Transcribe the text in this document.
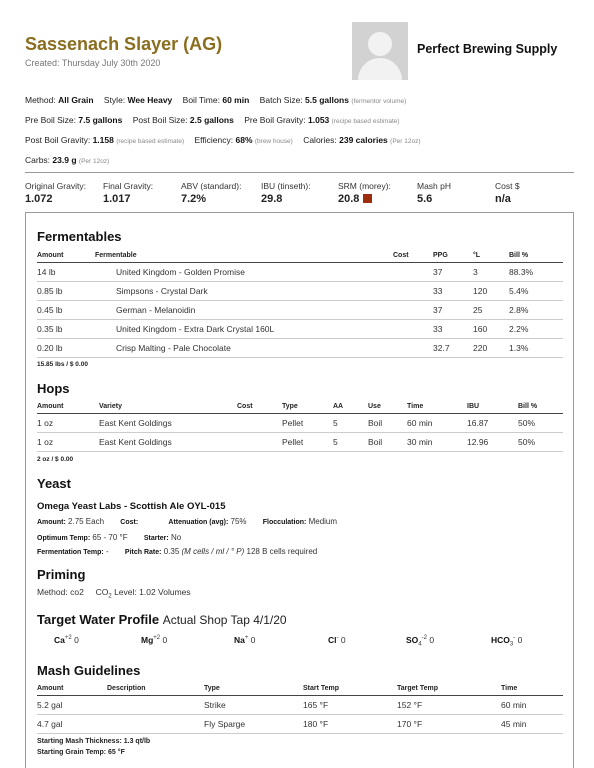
Sassenach Slayer (AG)
Created: Thursday July 30th 2020
Perfect Brewing Supply
Method: All Grain Style: Wee Heavy Boil Time: 60 min Batch Size: 5.5 gallons (fermentor volume)
Pre Boil Size: 7.5 gallons Post Boil Size: 2.5 gallons Pre Boil Gravity: 1.053 (recipe based estimate)
Post Boil Gravity: 1.158 (recipe based estimate) Efficiency: 68% (brew house) Calories: 239 calories (Per 12oz)
Carbs: 23.9 g (Per 12oz)
Original Gravity:
1.072
Final Gravity:
1.017
ABV (standard):
7.2%
IBU (tinseth):
29.8
SRM (morey):
20.8
Mash pH
5.6
Cost $
n/a
Fermentables
Amount	Fermentable	Cost	PPG	°L	Bill %
14 lb	United Kingdom - Golden Promise		37	3	88.3%
0.85 lb	Simpsons - Crystal Dark		33	120	5.4%
0.45 lb	German - Melanoidin		37	25	2.8%
0.35 lb	United Kingdom - Extra Dark Crystal 160L		33	160	2.2%
0.20 lb	Crisp Malting - Pale Chocolate		32.7	220	1.3%
15.85 lbs / $ 0.00
Hops
Amount	Variety	Cost	Type	AA	Use	Time	IBU	Bill %
1 oz	East Kent Goldings		Pellet	5	Boil	60 min	16.87	50%
1 oz	East Kent Goldings		Pellet	5	Boil	30 min	12.96	50%
2 oz / $ 0.00
Yeast
Omega Yeast Labs - Scottish Ale OYL-015
Amount: 2.75 Each Cost:	Attenuation (avg): 75% Flocculation: Medium
Optimum Temp: 65 - 70 °F Starter: No
Fermentation Temp: - Pitch Rate: 0.35 (M cells / ml / ° P) 128 B cells required
Priming
Method: co2 $CO_2$ Level: 1.02 Volumes
Target Water Profile Actual Shop Tap 4/1/20
$Ca^{+2}$ 0	$Mg^{+2}$ 0	Na+ 0	Cl- 0	$SO_4^{-2}$ 0	$HCO_3^-$ 0
Mash Guidelines
Amount	Description	Type	Start Temp	Target Temp	Time
5.2 gal		Strike	165 °F	152 °F	60 min
4.7 gal		Fly Sparge	180 °F	170 °F	45 min
Starting Mash Thickness: 1.3 qt/lb
Starting Grain Temp: 65 °F
